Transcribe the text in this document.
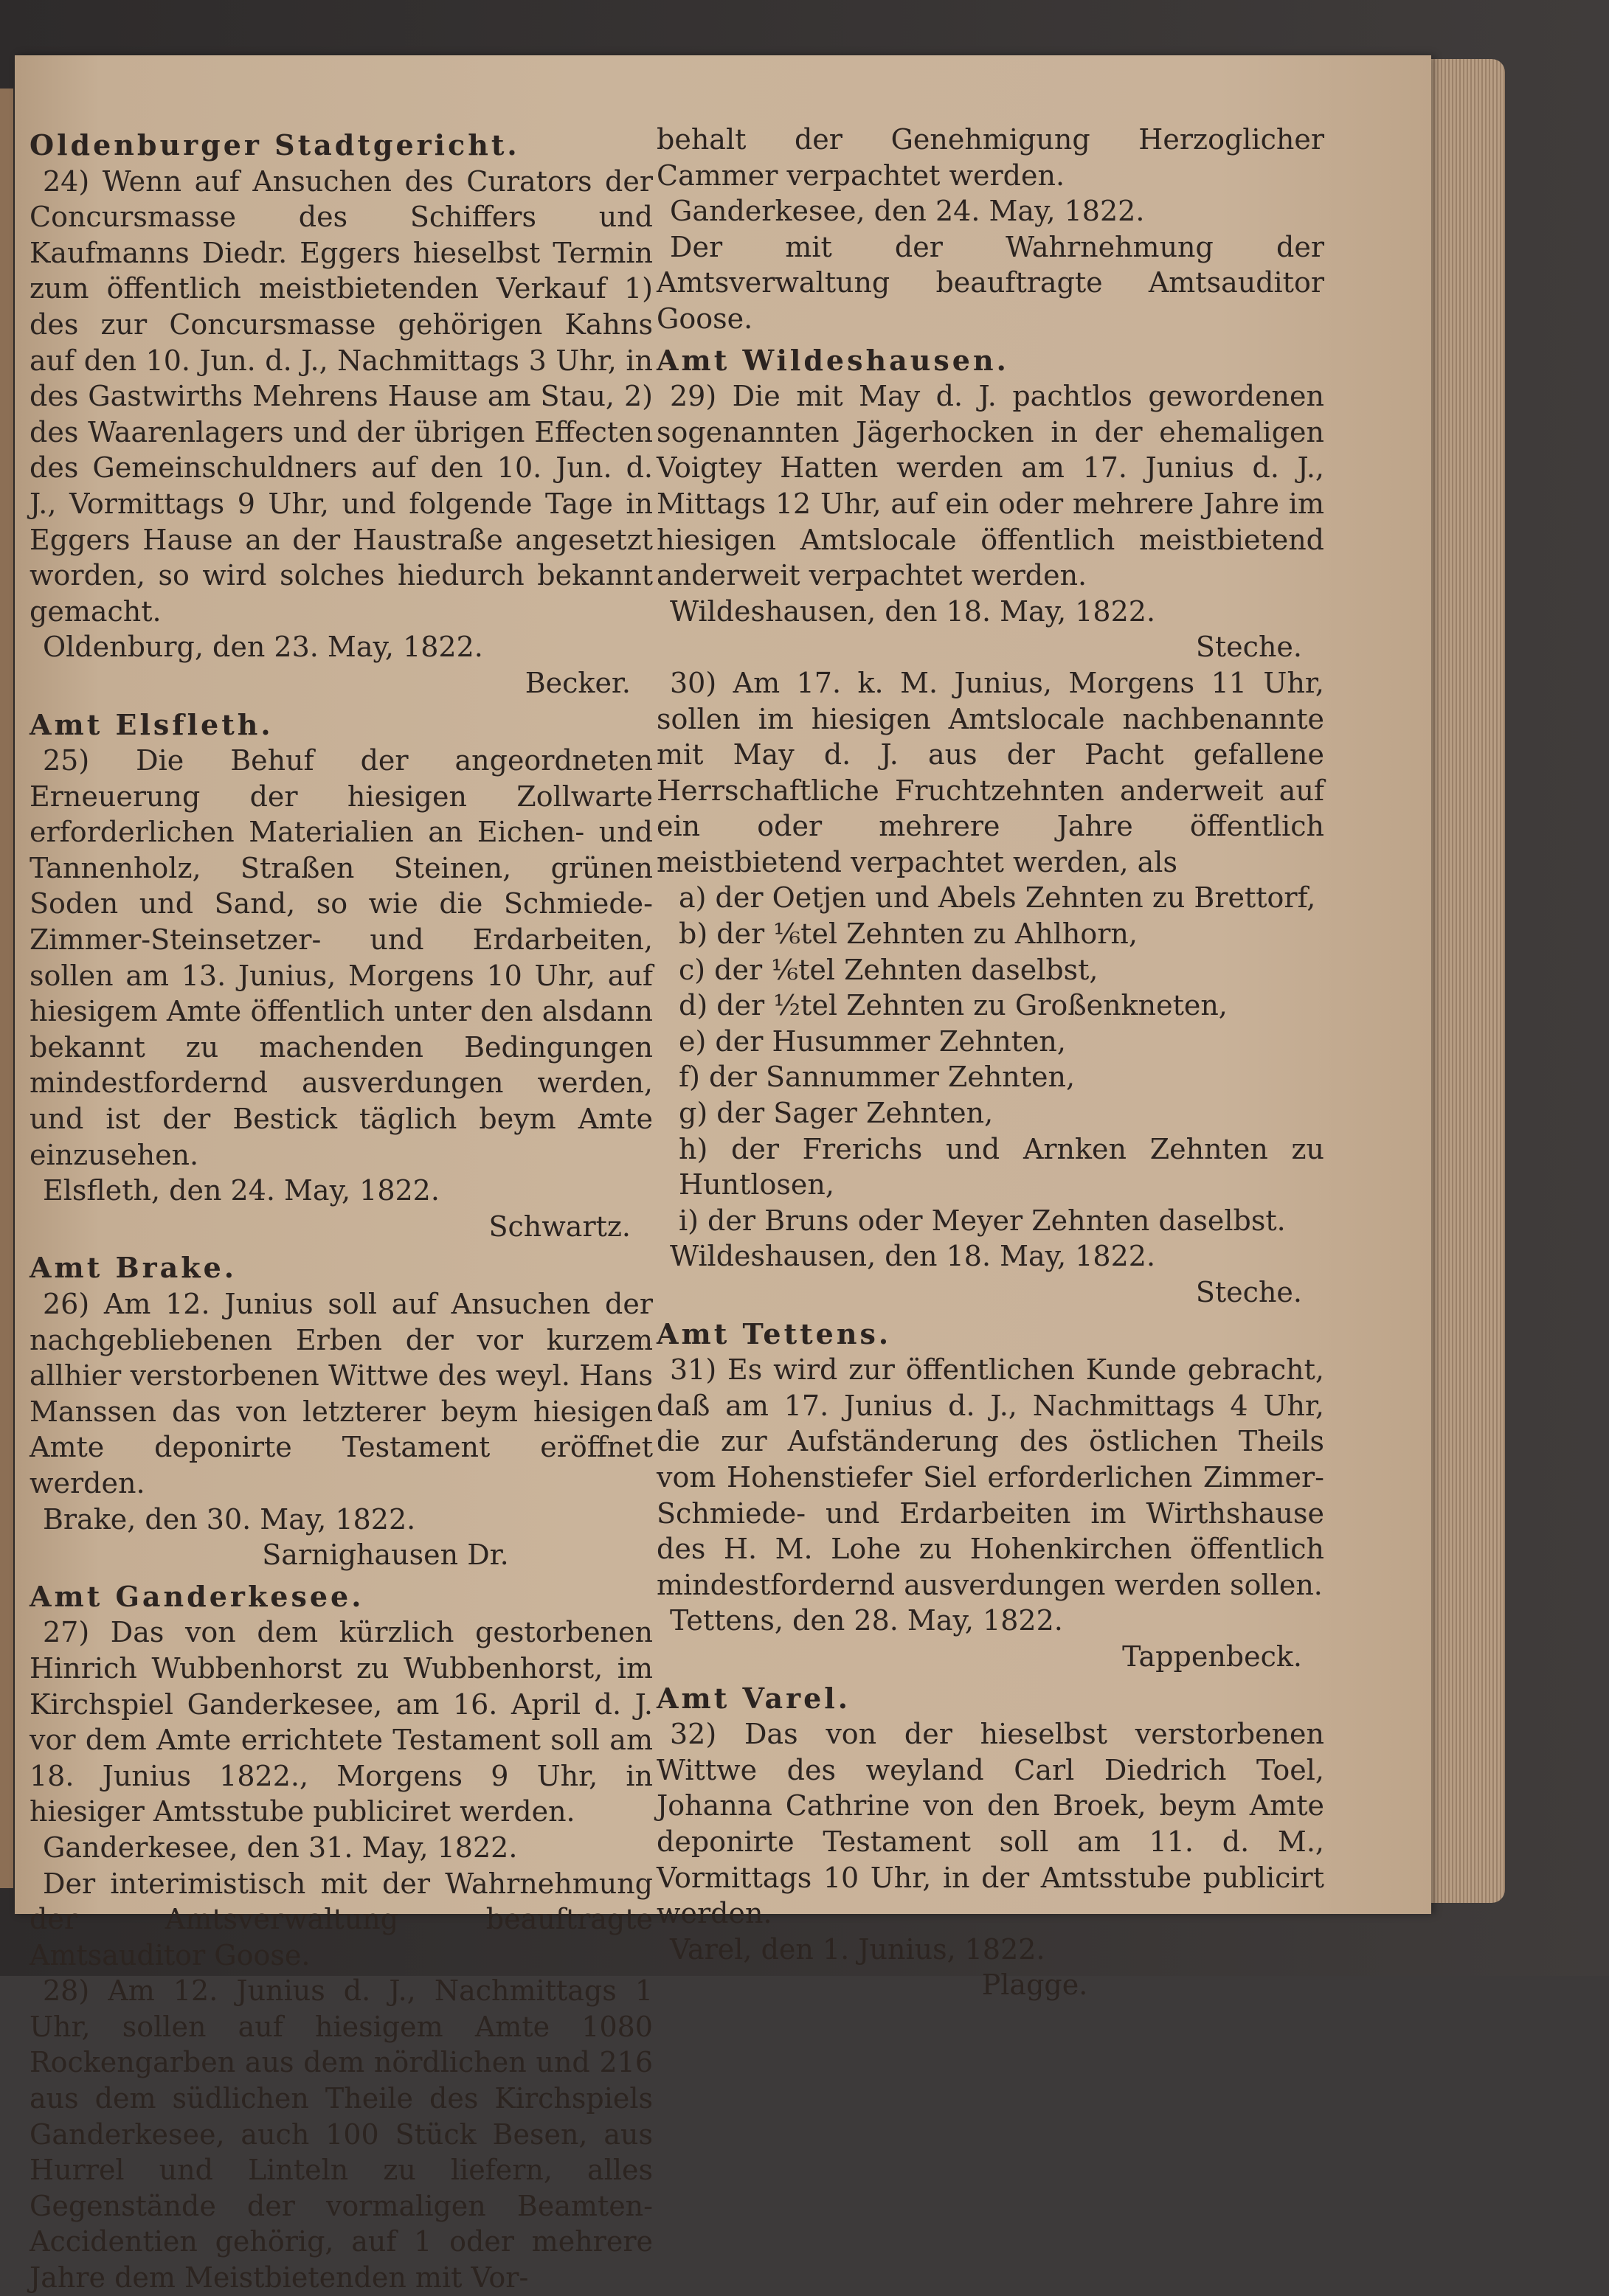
Oldenburger Stadtgericht.
24) Wenn auf Ansuchen des Curators der Concursmasse des Schiffers und Kaufmanns Diedr. Eggers hieselbst Termin zum öffentlich meistbietenden Verkauf 1) des zur Concursmasse gehörigen Kahns auf den 10. Jun. d. J., Nachmittags 3 Uhr, in des Gastwirths Mehrens Hause am Stau, 2) des Waarenlagers und der übrigen Effecten des Gemeinschuldners auf den 10. Jun. d. J., Vormittags 9 Uhr, und folgende Tage in Eggers Hause an der Haustraße angesetzt worden, so wird solches hiedurch bekannt gemacht.
Oldenburg, den 23. May, 1822.
Becker.
Amt Elsfleth.
25) Die Behuf der angeordneten Erneuerung der hiesigen Zollwarte erforderlichen Materialien an Eichen- und Tannenholz, Straßen Steinen, grünen Soden und Sand, so wie die Schmiede-Zimmer-Steinsetzer- und Erdarbeiten, sollen am 13. Junius, Morgens 10 Uhr, auf hiesigem Amte öffentlich unter den alsdann bekannt zu machenden Bedingungen mindestfordernd ausverdungen werden, und ist der Bestick täglich beym Amte einzusehen.
Elsfleth, den 24. May, 1822.
Schwartz.
Amt Brake.
26) Am 12. Junius soll auf Ansuchen der nachgebliebenen Erben der vor kurzem allhier verstorbenen Wittwe des weyl. Hans Manssen das von letzterer beym hiesigen Amte deponirte Testament eröffnet werden.
Brake, den 30. May, 1822.
Sarnighausen Dr.
Amt Ganderkesee.
27) Das von dem kürzlich gestorbenen Hinrich Wubbenhorst zu Wubbenhorst, im Kirchspiel Ganderkesee, am 16. April d. J. vor dem Amte errichtete Testament soll am 18. Junius 1822., Morgens 9 Uhr, in hiesiger Amtsstube publiciret werden.
Ganderkesee, den 31. May, 1822.
Der interimistisch mit der Wahrnehmung der Amtsverwaltung beauftragte Amtsauditor Goose.
28) Am 12. Junius d. J., Nachmittags 1 Uhr, sollen auf hiesigem Amte 1080 Rockengarben aus dem nördlichen und 216 aus dem südlichen Theile des Kirchspiels Ganderkesee, auch 100 Stück Besen, aus Hurrel und Linteln zu liefern, alles Gegenstände der vormaligen Beamten-Accidentien gehörig, auf 1 oder mehrere Jahre dem Meistbietenden mit Vor-
behalt der Genehmigung Herzoglicher Cammer verpachtet werden.
Ganderkesee, den 24. May, 1822.
Der mit der Wahrnehmung der Amtsverwaltung beauftragte Amtsauditor Goose.
Amt Wildeshausen.
29) Die mit May d. J. pachtlos gewordenen sogenannten Jägerhocken in der ehemaligen Voigtey Hatten werden am 17. Junius d. J., Mittags 12 Uhr, auf ein oder mehrere Jahre im hiesigen Amtslocale öffentlich meistbietend anderweit verpachtet werden.
Wildeshausen, den 18. May, 1822.
Steche.
30) Am 17. k. M. Junius, Morgens 11 Uhr, sollen im hiesigen Amtslocale nachbenannte mit May d. J. aus der Pacht gefallene Herrschaftliche Fruchtzehnten anderweit auf ein oder mehrere Jahre öffentlich meistbietend verpachtet werden, als
a) der Oetjen und Abels Zehnten zu Brettorf,
b) der ⅙tel Zehnten zu Ahlhorn,
c) der ⅙tel Zehnten daselbst,
d) der ½tel Zehnten zu Großenkneten,
e) der Husummer Zehnten,
f) der Sannummer Zehnten,
g) der Sager Zehnten,
h) der Frerichs und Arnken Zehnten zu Huntlosen,
i) der Bruns oder Meyer Zehnten daselbst.
Wildeshausen, den 18. May, 1822.
Steche.
Amt Tettens.
31) Es wird zur öffentlichen Kunde gebracht, daß am 17. Junius d. J., Nachmittags 4 Uhr, die zur Aufständerung des östlichen Theils vom Hohenstiefer Siel erforderlichen Zimmer-Schmiede- und Erdarbeiten im Wirthshause des H. M. Lohe zu Hohenkirchen öffentlich mindestfordernd ausverdungen werden sollen.
Tettens, den 28. May, 1822.
Tappenbeck.
Amt Varel.
32) Das von der hieselbst verstorbenen Wittwe des weyland Carl Diedrich Toel, Johanna Cathrine von den Broek, beym Amte deponirte Testament soll am 11. d. M., Vormittags 10 Uhr, in der Amtsstube publicirt werden.
Varel, den 1. Junius, 1822.
Plagge.
